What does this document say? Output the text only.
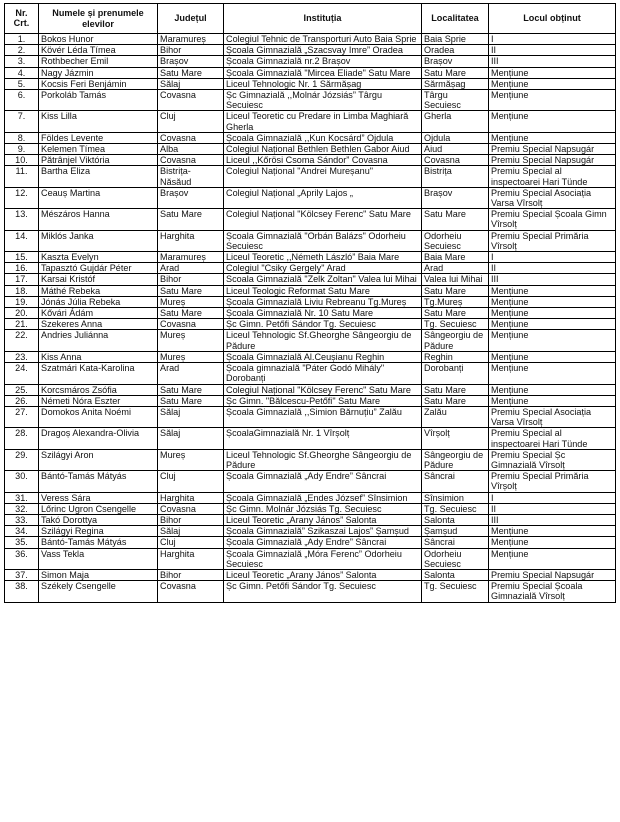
Nr. Crt.	Numele și prenumele elevilor	Județul	Instituția	Localitatea	Locul obținut
1.	Bokos Hunor	Maramureș	Colegiul Tehnic de Transporturi Auto Baia Sprie	Baia Sprie	I
2.	Kövér Léda Tímea	Bihor	Școala Gimnazială „Szacsvay Imre” Oradea	Oradea	II
3.	Rothbecher Emil	Brașov	Școala Gimnazială nr.2 Brașov	Brașov	III
4.	Nagy Jázmin	Satu Mare	Școala Gimnazială "Mircea Eliade" Satu Mare	Satu Mare	Mențiune
5.	Kocsis Feri Benjámin	Sălaj	Liceul Tehnologic Nr. 1 Sărmășag	Sărmășag	Mențiune
6.	Porkoláb Tamás	Covasna	Șc Gimnazială ,,Molnár Józsiás” Târgu Secuiesc	Târgu Secuiesc	Mențiune
7.	Kiss Lilla	Cluj	Liceul Teoretic cu Predare in Limba Maghiară Gherla	Gherla	Mențiune
8.	Földes Levente	Covasna	Școala Gimnazială ,,Kun Kocsárd” Ojdula	Ojdula	Mențiune
9.	Kelemen Tímea	Alba	Colegiul Național Bethlen Bethlen Gabor Aiud	Aiud	Premiu Special Napsugár
10.	Pătrânjel Viktória	Covasna	Liceul ,,Kőrösi Csoma Sándor” Covasna	Covasna	Premiu Special Napsugár
11.	Bartha Eliza	Bistrița-Năsăud	Colegiul Național "Andrei Mureșanu"	Bistrița	Premiu Special al inspectoarei Hari Tünde
12.	Ceauș Martina	Brașov	Colegiul Național „Aprily Lajos „	Brașov	Premiu Special Asociația Varsa Vîrsolț
13.	Mészáros Hanna	Satu Mare	Colegiul Național "Kölcsey Ferenc" Satu Mare	Satu Mare	Premiu Special Școala Gimn Vîrsolț
14.	Miklós Janka	Harghita	Școala Gimnazială "Orbán Balázs" Odorheiu Secuiesc	Odorheiu Secuiesc	Premiu Special Primăria Vîrsolț
15.	Kaszta Evelyn	Maramureș	Liceul Teoretic ,,Németh László” Baia Mare	Baia Mare	I
16.	Tapasztó Gujdár Péter	Arad	Colegiul "Csiky Gergely" Arad	Arad	II
17.	Karsai Kristóf	Bihor	Scoala Gimnazială "Zelk Zoltan" Valea lui Mihai	Valea lui Mihai	III
18.	Máthé Rebeka	Satu Mare	Liceul Teologic Reformat Satu Mare	Satu Mare	Mențiune
19.	Jónás Júlia Rebeka	Mureș	Școala Gimnazială Liviu Rebreanu Tg.Mureș	Tg.Mureș	Mențiune
20.	Kővári Ádám	Satu Mare	Școala Gimnazială Nr. 10 Satu Mare	Satu Mare	Mențiune
21.	Szekeres Anna	Covasna	Șc Gimn. Petőfi Sándor Tg. Secuiesc	Tg. Secuiesc	Mențiune
22.	Andries Juliánna	Mureș	Liceul Tehnologic Sf.Gheorghe Sângeorgiu de Pădure	Sângeorgiu de Pădure	Mențiune
23.	Kiss Anna	Mureș	Școala Gimnazială Al.Ceușianu Reghin	Reghin	Mențiune
24.	Szatmári Kata-Karolina	Arad	Școala gimnazială "Páter Godó Mihály" Dorobanți	Dorobanți	Mențiune
25.	Korcsmáros Zsófia	Satu Mare	Colegiul Național "Kölcsey Ferenc" Satu Mare	Satu Mare	Mențiune
26.	Németi Nóra Eszter	Satu Mare	Șc Gimn. "Bălcescu-Petőfi" Satu Mare	Satu Mare	Mențiune
27.	Domokos Anita Noémi	Sălaj	Școala Gimnazială ,,Simion Bărnuțiu” Zalău	Zalău	Premiu Special Asociația Varsa Vîrsolț
28.	Dragoș Alexandra-Olivia	Sălaj	ȘcoalaGimnazială Nr. 1 Vîrșolț	Vîrșolț	Premiu Special al inspectoarei Hari Tünde
29.	Szilágyi Aron	Mureș	Liceul Tehnologic Sf.Gheorghe Sângeorgiu de Pădure	Sângeorgiu de Pădure	Premiu Special Șc Gimnazială Vîrsolț
30.	Bántó-Tamás Mátyás	Cluj	Școala Gimnazială „Ady Endre” Sâncrai	Sâncrai	Premiu Special Primăria Vîrșolț
31.	Veress Sára	Harghita	Școala Gimnazială „Endes József” Sînsimion	Sînsimion	I
32.	Lőrinc Ugron Csengelle	Covasna	Șc Gimn. Molnár Józsiás Tg. Secuiesc	Tg. Secuiesc	II
33.	Takó Dorottya	Bihor	Liceul Teoretic „Arany János” Salonta	Salonta	III
34.	Szilágyi Regina	Sălaj	Școala Gimnazială” Szikaszai Lajos” Șamșud	Șamșud	Mențiune
35.	Bántó-Tamás Mátyás	Cluj	Școala Gimnazială „Ady Endre” Sâncrai	Sâncrai	Mențiune
36.	Vass Tekla	Harghita	Școala Gimnazială „Móra Ferenc” Odorheiu Secuiesc	Odorheiu Secuiesc	Mențiune
37.	Simon Maja	Bihor	Liceul Teoretic „Arany János” Salonta	Salonta	Premiu Special Napsugár
38.	Székely Csengelle	Covasna	Șc Gimn. Petőfi Sándor Tg. Secuiesc	Tg. Secuiesc	Premiu Special Școala Gimnazială Vîrsolț
